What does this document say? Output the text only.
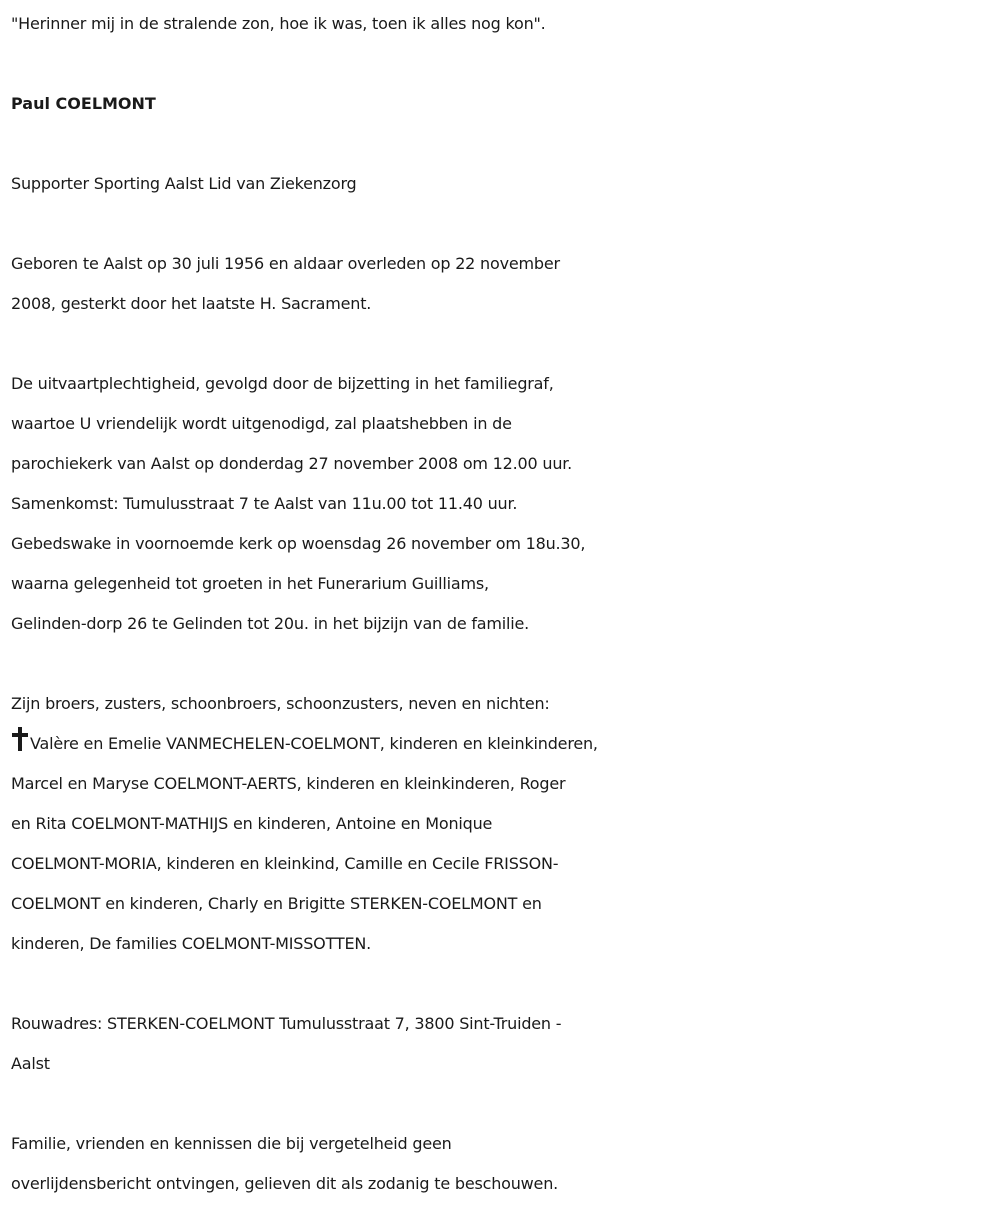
"Herinner mij in de stralende zon, hoe ik was, toen ik alles nog kon".
Paul COELMONT
Supporter Sporting Aalst Lid van Ziekenzorg
Geboren te Aalst op 30 juli 1956 en aldaar overleden op 22 november
2008, gesterkt door het laatste H. Sacrament.
De uitvaartplechtigheid, gevolgd door de bijzetting in het familiegraf,
waartoe U vriendelijk wordt uitgenodigd, zal plaatshebben in de
parochiekerk van Aalst op donderdag 27 november 2008 om 12.00 uur.
Samenkomst: Tumulusstraat 7 te Aalst van 11u.00 tot 11.40 uur.
Gebedswake in voornoemde kerk op woensdag 26 november om 18u.30,
waarna gelegenheid tot groeten in het Funerarium Guilliams,
Gelinden-dorp 26 te Gelinden tot 20u. in het bijzijn van de familie.
Zijn broers, zusters, schoonbroers, schoonzusters, neven en nichten:
Valère en Emelie VANMECHELEN-COELMONT, kinderen en kleinkinderen,
Marcel en Maryse COELMONT-AERTS, kinderen en kleinkinderen, Roger
en Rita COELMONT-MATHIJS en kinderen, Antoine en Monique
COELMONT-MORIA, kinderen en kleinkind, Camille en Cecile FRISSON-
COELMONT en kinderen, Charly en Brigitte STERKEN-COELMONT en
kinderen, De families COELMONT-MISSOTTEN.
Rouwadres: STERKEN-COELMONT Tumulusstraat 7, 3800 Sint-Truiden -
Aalst
Familie, vrienden en kennissen die bij vergetelheid geen
overlijdensbericht ontvingen, gelieven dit als zodanig te beschouwen.
